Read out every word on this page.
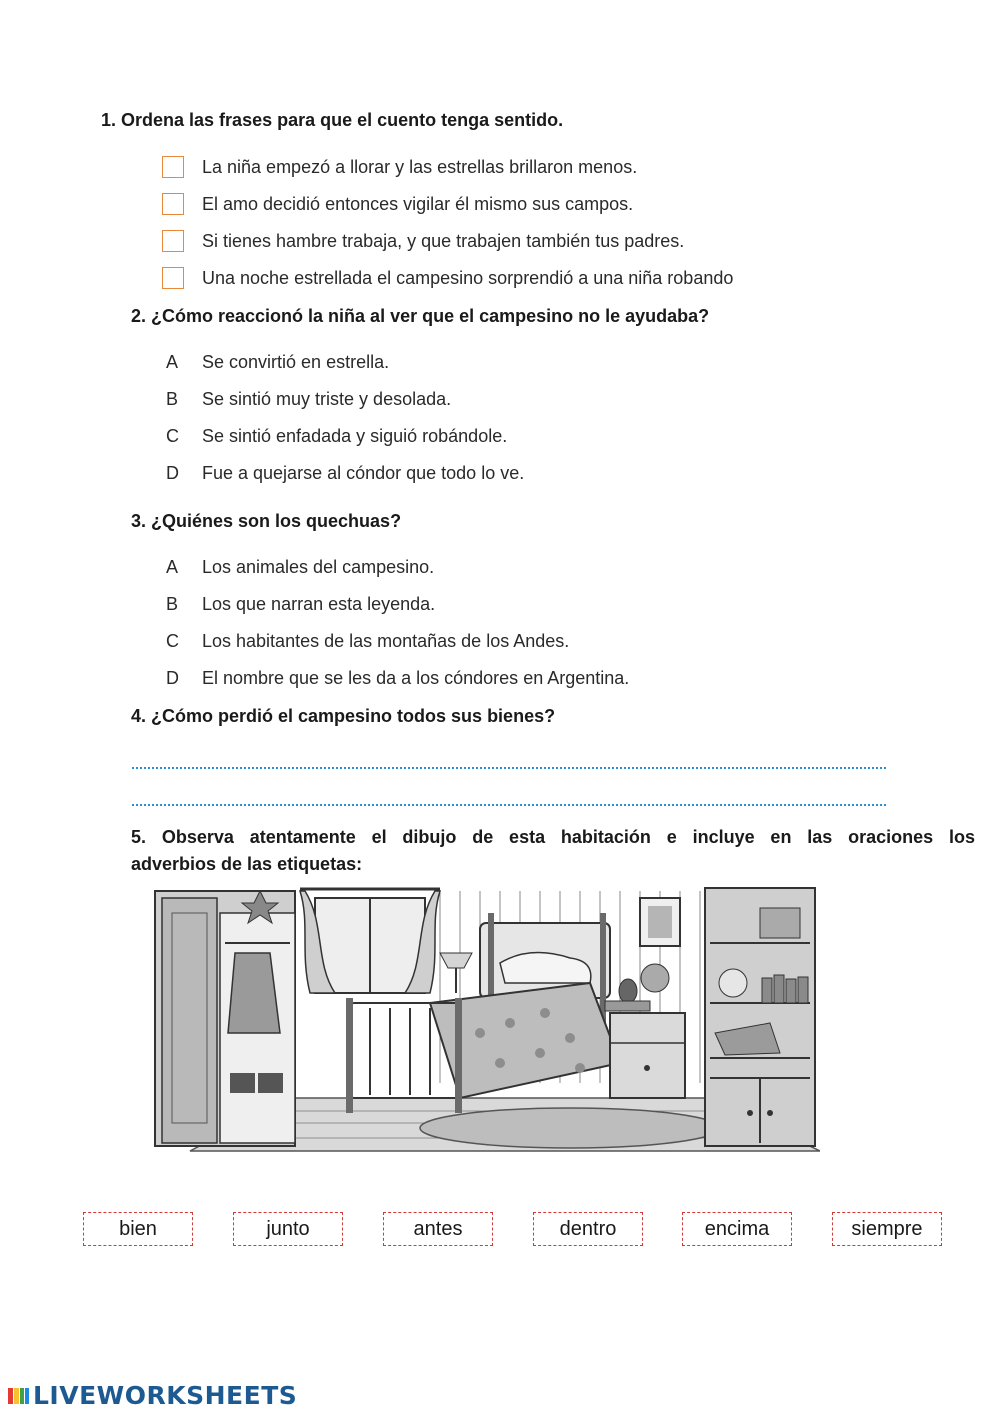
1. Ordena las frases para que el cuento tenga sentido.
La niña empezó a llorar y las estrellas brillaron menos.
El amo decidió entonces vigilar él mismo sus campos.
Si tienes hambre trabaja, y que trabajen también tus padres.
Una noche estrellada el campesino sorprendió a una niña robando
2. ¿Cómo reaccionó la niña al ver que el campesino no le ayudaba?
A	Se convirtió en estrella.
B	Se sintió muy triste y desolada.
C	Se sintió enfadada y siguió robándole.
D	Fue a quejarse al cóndor que todo lo ve.
3. ¿Quiénes son los quechuas?
A	Los animales del campesino.
B	Los que narran esta leyenda.
C	Los habitantes de las montañas de los Andes.
D	El nombre que se les da a los cóndores en Argentina.
4. ¿Cómo perdió el campesino todos sus bienes?
5. Observa atentamente el dibujo de esta habitación e incluye en las oraciones los
adverbios de las etiquetas:
bien	junto	antes	dentro	encima	siempre
LIVEWORKSHEETS
